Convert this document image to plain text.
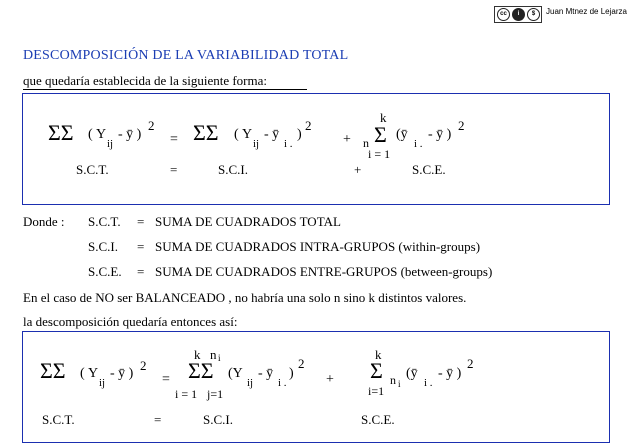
cc	i	$	Juan Mtnez de Lejarza
DESCOMPOSICIÓN DE LA VARIABILIDAD TOTAL
que quedaría establecida de la siguiente forma:
ΣΣ ( Y
ij
- ȳ )
2
= ΣΣ ( Y
ij
- ȳ
i .
)
2
+ n
k
Σ
i = 1
(ȳ
i .
- ȳ )
2
S.C.T.	=	S.C.I.	+	S.C.E.
Donde : S.C.T. = SUMA DE CUADRADOS TOTAL
S.C.I. = SUMA DE CUADRADOS INTRA-GRUPOS (within-groups)
S.C.E. = SUMA DE CUADRADOS ENTRE-GRUPOS (between-groups)
En el caso de NO ser BALANCEADO , no habría una solo n sino k distintos valores.
la descomposición quedaría entonces así:
ΣΣ ( Y
ij
- ȳ )
2
=
k n i
ΣΣ
i = 1 j=1
(Y
ij
- ȳ
i .
)
2
+
k
Σ
i=1
n i
(ȳ
i .
- ȳ )
2
S.C.T.	=	S.C.I.	S.C.E.
